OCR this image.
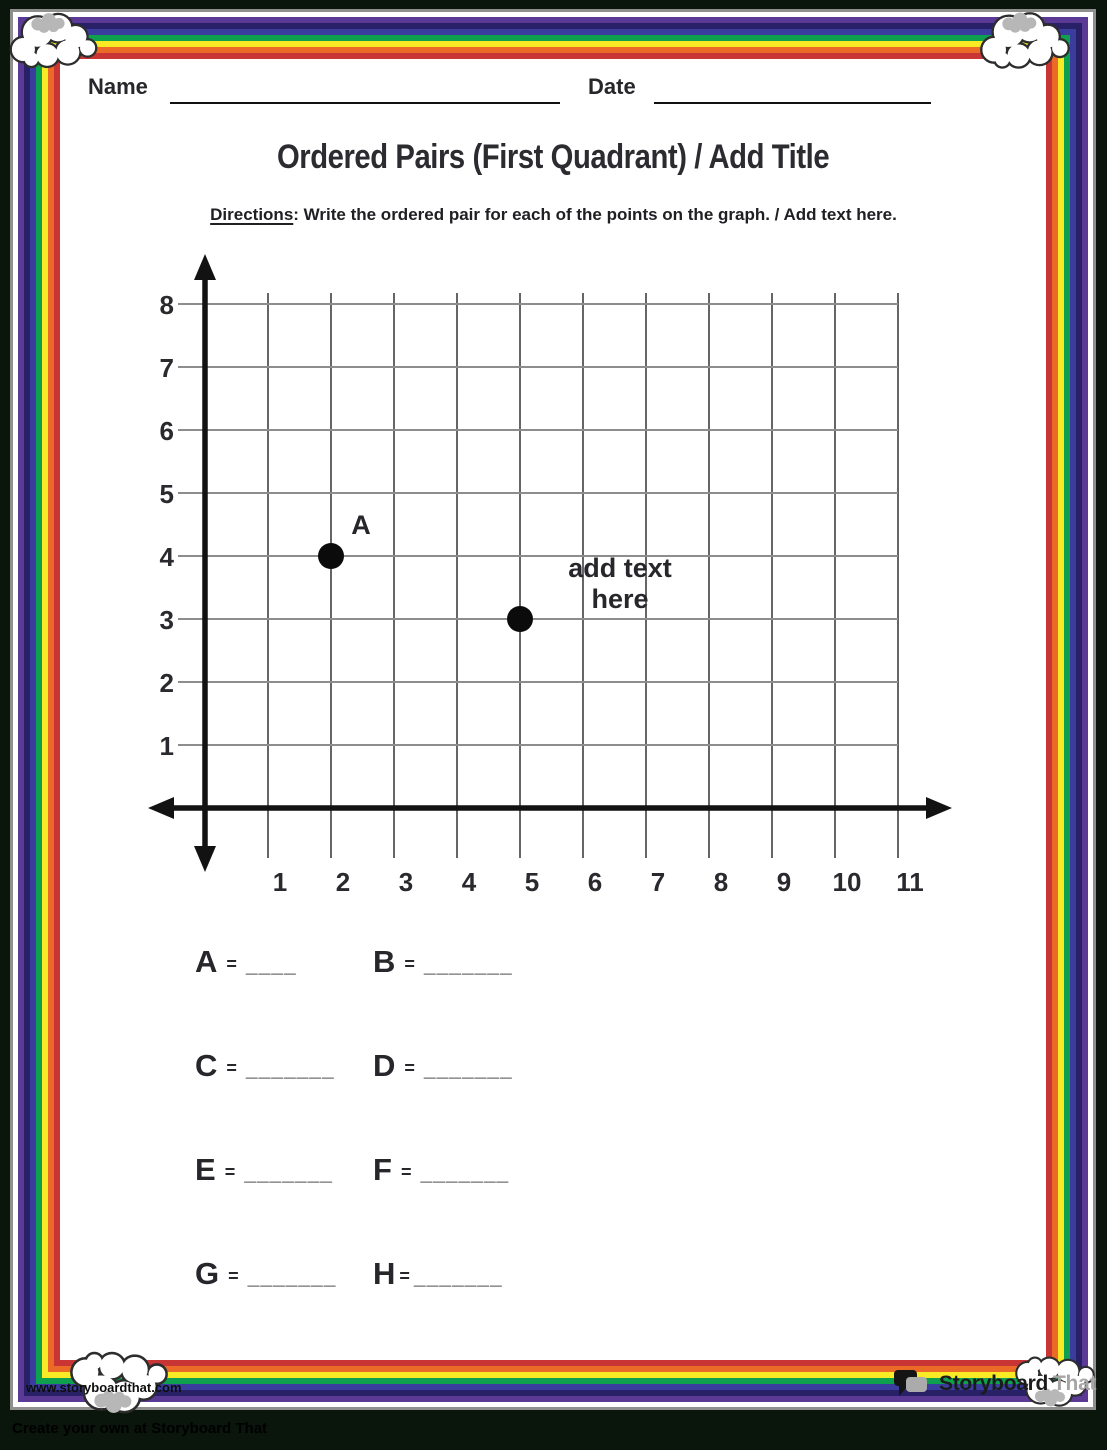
Name	Date
Ordered Pairs (First Quadrant) / Add Title
Directions: Write the ordered pair for each of the points on the graph. / Add text here.
1 2 3 4 5 6 7 8 9 10 11
1
2
3
4
5
6
7
8
A
add text
here
A = ____ B = _______
C = _______ D = _______
E = _______ F = _______
G = _______ H = _______
www.storyboardthat.com	Storyboard That
Create your own at Storyboard That
